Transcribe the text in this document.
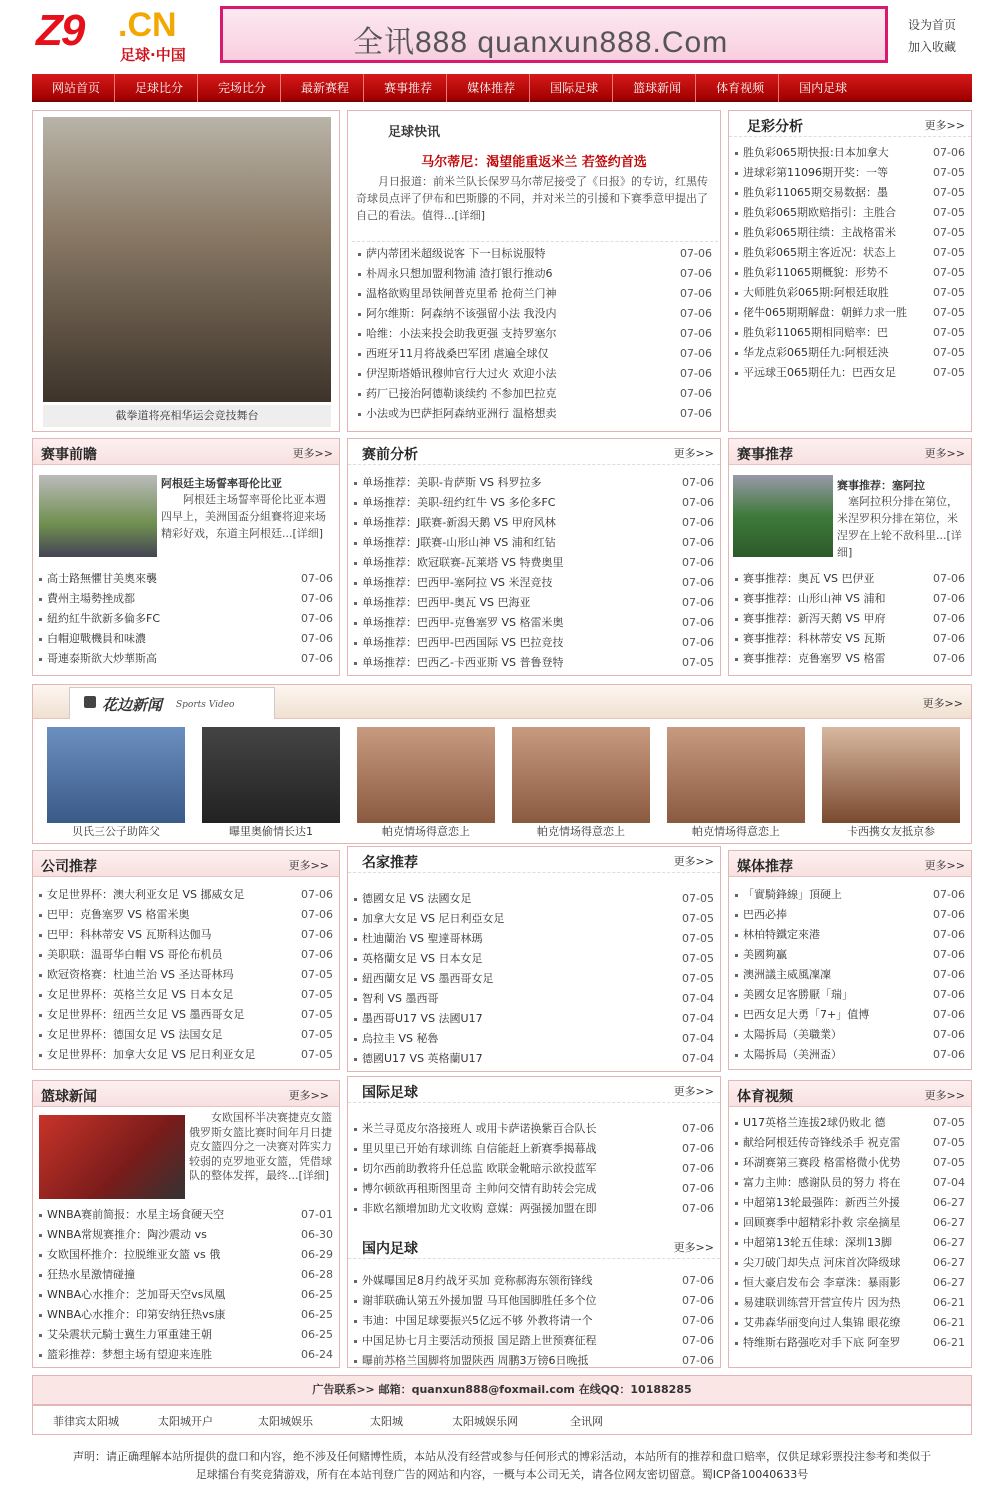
Z9 .CN
足球·中国	全讯888 quanxun888.Com
设为首页
加入收藏
网站首页	足球比分	完场比分	最新赛程	赛事推荐	媒体推荐	国际足球	篮球新闻	体育视频	国内足球
截拳道将亮相华运会竞技舞台
足球快讯
马尔蒂尼：渴望能重返米兰 若签约首选
月日报道：前米兰队长保罗马尔蒂尼接受了《日报》的专访，红黑传奇球员点评了伊布和巴斯滕的不同，并对米兰的引援和下赛季意甲提出了自己的看法。值得...[详细]
萨内蒂团米超级说客 下一目标说服特	07-06
朴周永只想加盟利物浦 渣打银行推动6	07-06
温格欲购里昂铁闸普克里希 抢荷兰门神	07-06
阿尔维斯：阿森纳不该强留小法 我没内	07-06
哈维：小法来投会助我更强 支持罗塞尔	07-06
西班牙11月将战桑巴军团 虐遍全球仅	07-06
伊涅斯塔婚讯穆帅官行大过火 欢迎小法	07-06
药厂已接治阿德勒谈续约 不参加巴拉克	07-06
小法或为巴萨拒阿森纳亚洲行 温格想卖	07-06
足彩分析	更多>>
胜负彩065期快报:日本加拿大	07-06
进球彩第11096期开奖：一等	07-05
胜负彩11065期交易数据：墨	07-05
胜负彩065期欧赔指引：主胜合	07-05
胜负彩065期往绩：主战格雷米	07-05
胜负彩065期主客近况：状态上	07-05
胜负彩11065期概貌：形势不	07-05
大师胜负彩065期:阿根廷取胜	07-05
佬牛065期期解盘：朝鲜力求一胜 07-05
胜负彩11065期相同赔率：巴	07-05
华龙点彩065期任九:阿根廷泱	07-05
平远球王065期任九：巴西女足	07-05
赛事前瞻	更多>>
阿根廷主场誓率哥伦比亚
阿根廷主场誓率哥伦比亚本週四早上，美洲国盃分組賽将迎来场精彩好戏，东道主阿根廷...[详细]
高士路無懼甘美奧來襲	07-06
費州主場勢挫成都	07-06
紐約紅牛欲新多倫多FC	07-06
白帽迎戰機員和味濃	07-06
哥連泰斯欲大炒華斯高	07-06
赛前分析	更多>>
单场推荐：美职-肯萨斯 VS 科罗拉多	07-06
单场推荐：美职-纽约红牛 VS 多伦多FC	07-06
单场推荐：J联赛-新潟天鹅 VS 甲府风林	07-06
单场推荐：J联赛-山形山神 VS 浦和红钻	07-06
单场推荐：欧冠联赛-瓦莱塔 VS 特费奥里	07-06
单场推荐：巴西甲-塞阿拉 VS 米涅竞技	07-06
单场推荐：巴西甲-奥瓦 VS 巴海亚	07-06
单场推荐：巴西甲-克鲁塞罗 VS 格雷米奥	07-06
单场推荐：巴西甲-巴西国际 VS 巴拉竞技	07-06
单场推荐：巴西乙-卡西亚斯 VS 普鲁登特	07-05
赛事推荐	更多>>
赛事推荐：塞阿拉
塞阿拉积分排在第位，米涅罗积分排在第位，米涅罗在上轮不敌科里...[详细]
赛事推荐：奥瓦 VS 巴伊亚	07-06
赛事推荐：山形山神 VS 浦和	07-06
赛事推荐：新泻天鹅 VS 甲府	07-06
赛事推荐：科林蒂安 VS 瓦斯	07-06
赛事推荐：克鲁塞罗 VS 格雷	07-06
花边新闻 Sports Video	更多>>
贝氏三公子助阵父	曝里奥偷情长达1	帕克情场得意恋上	帕克情场得意恋上	帕克情场得意恋上	卡西携女友抵京参
公司推荐	更多>>
女足世界杯：澳大利亚女足 VS 挪威女足	07-06
巴甲：克鲁塞罗 VS 格雷米奥	07-06
巴甲：科林蒂安 VS 瓦斯科达伽马	07-06
美职联：温哥华白帽 VS 哥伦布机员	07-06
欧冠资格赛：杜迪兰治 VS 圣达哥林玛	07-05
女足世界杯：英格兰女足 VS 日本女足	07-05
女足世界杯：纽西兰女足 VS 墨西哥女足	07-05
女足世界杯：德国女足 VS 法国女足	07-05
女足世界杯：加拿大女足 VS 尼日利亚女足	07-05
名家推荐	更多>>
德國女足 VS 法國女足	07-05
加拿大女足 VS 尼日利亞女足	07-05
杜迪蘭治 VS 聖達哥林瑪	07-05
英格蘭女足 VS 日本女足	07-05
紐西蘭女足 VS 墨西哥女足	07-05
智利 VS 墨西哥	07-04
墨西哥U17 VS 法國U17	07-04
烏拉圭 VS 秘魯	07-04
德國U17 VS 英格蘭U17	07-04
媒体推荐	更多>>
「實騎鋒線」頂硬上	07-06
巴西必捧	07-06
林柏特鐵定來港	07-06
美國夠贏	07-06
澳洲議主威風凜凜	07-06
美國女足客勝厭「瑞」	07-06
巴西女足大勇「7+」值博	07-06
太陽拆局（美職業）	07-06
太陽拆局（美洲盃）	07-06
篮球新闻	更多>>
女欧国杯半决赛捷克女篮俄罗斯女篮比赛时间年月日捷克女篮四分之一决赛对阵实力较弱的克罗地亚女篮，凭借球队的整体发挥，最终...[详细]
WNBA赛前简报：水星主场食硬天空	07-01
WNBA常规赛推介：陶沙震动 vs	06-30
女欧国杯推介：拉脱维亚女篮 vs 俄	06-29
狂热水星激情碰撞	06-28
WNBA心水推介：芝加哥天空vs凤凰	06-25
WNBA心水推介：印第安纳狂热vs康	06-25
艾朵震状元騎士冀生力軍重建王朝	06-25
篮彩推荐：梦想主场有望迎来连胜	06-24
国际足球	更多>>
米兰寻觅皮尔洛接班人 或用卡萨诺换紫百合队长	07-06
里贝里已开始有球训练 自信能赶上新赛季揭幕战	07-06
切尔西前助教将升任总监 欧联金靴暗示欲投蓝军	07-06
博尔顿欲再租斯图里奇 主帅问交情有助转会完成	07-06
非欧名额增加助尤文收购 意媒：两强援加盟在即	07-06
国内足球	更多>>
外媒曝国足8月约战牙买加 竞称郝海东领衔锋线	07-06
谢菲联确认第五外援加盟 马耳他国脚胜任多个位	07-06
韦迪：中国足球要振兴5亿远不够 外教将请一个	07-06
中国足协七月主要活动预报 国足踏上世预赛征程	07-06
曝前苏格兰国脚将加盟陕西 周鹏3万镑6日晚抵	07-06
体育视频	更多>>
U17英格兰连拔2球仍败北 德	07-05
献给阿根廷传奇锋线杀手 祝克雷	07-05
环湖赛第三赛段 格雷格微小优势	07-05
富力主帅：感谢队员的努力 将在	07-04
中超第13轮最强阵：新西兰外援	06-27
回顾赛季中超精彩扑救 宗垒摘星	06-27
中超第13轮五佳球：深圳13脚	06-27
尖刀破门却失点 河床首次降级球	06-27
恒大豪启发布会 李章洙：暴雨影	06-27
易建联训练营开营宣传片 因为热	06-21
艾弗森华丽变向过人集锦 眼花缭	06-21
特维斯右路强吃对手下底 阿奎罗	06-21
广告联系>> 邮箱：quanxun888@foxmail.com 在线QQ：10188285
菲律宾太阳城	太阳城开户	太阳城娱乐	太阳城	太阳城娱乐网	全讯网
声明：请正确理解本站所提供的盘口和内容，绝不涉及任何赌博性质，本站从没有经营或参与任何形式的博彩活动，本站所有的推荐和盘口赔率，仅供足球彩票投注参考和类似于
足球擂台有奖竞猜游戏，所有在本站刊登广告的网站和内容，一概与本公司无关，请各位网友密切留意。蜀ICP备10040633号
